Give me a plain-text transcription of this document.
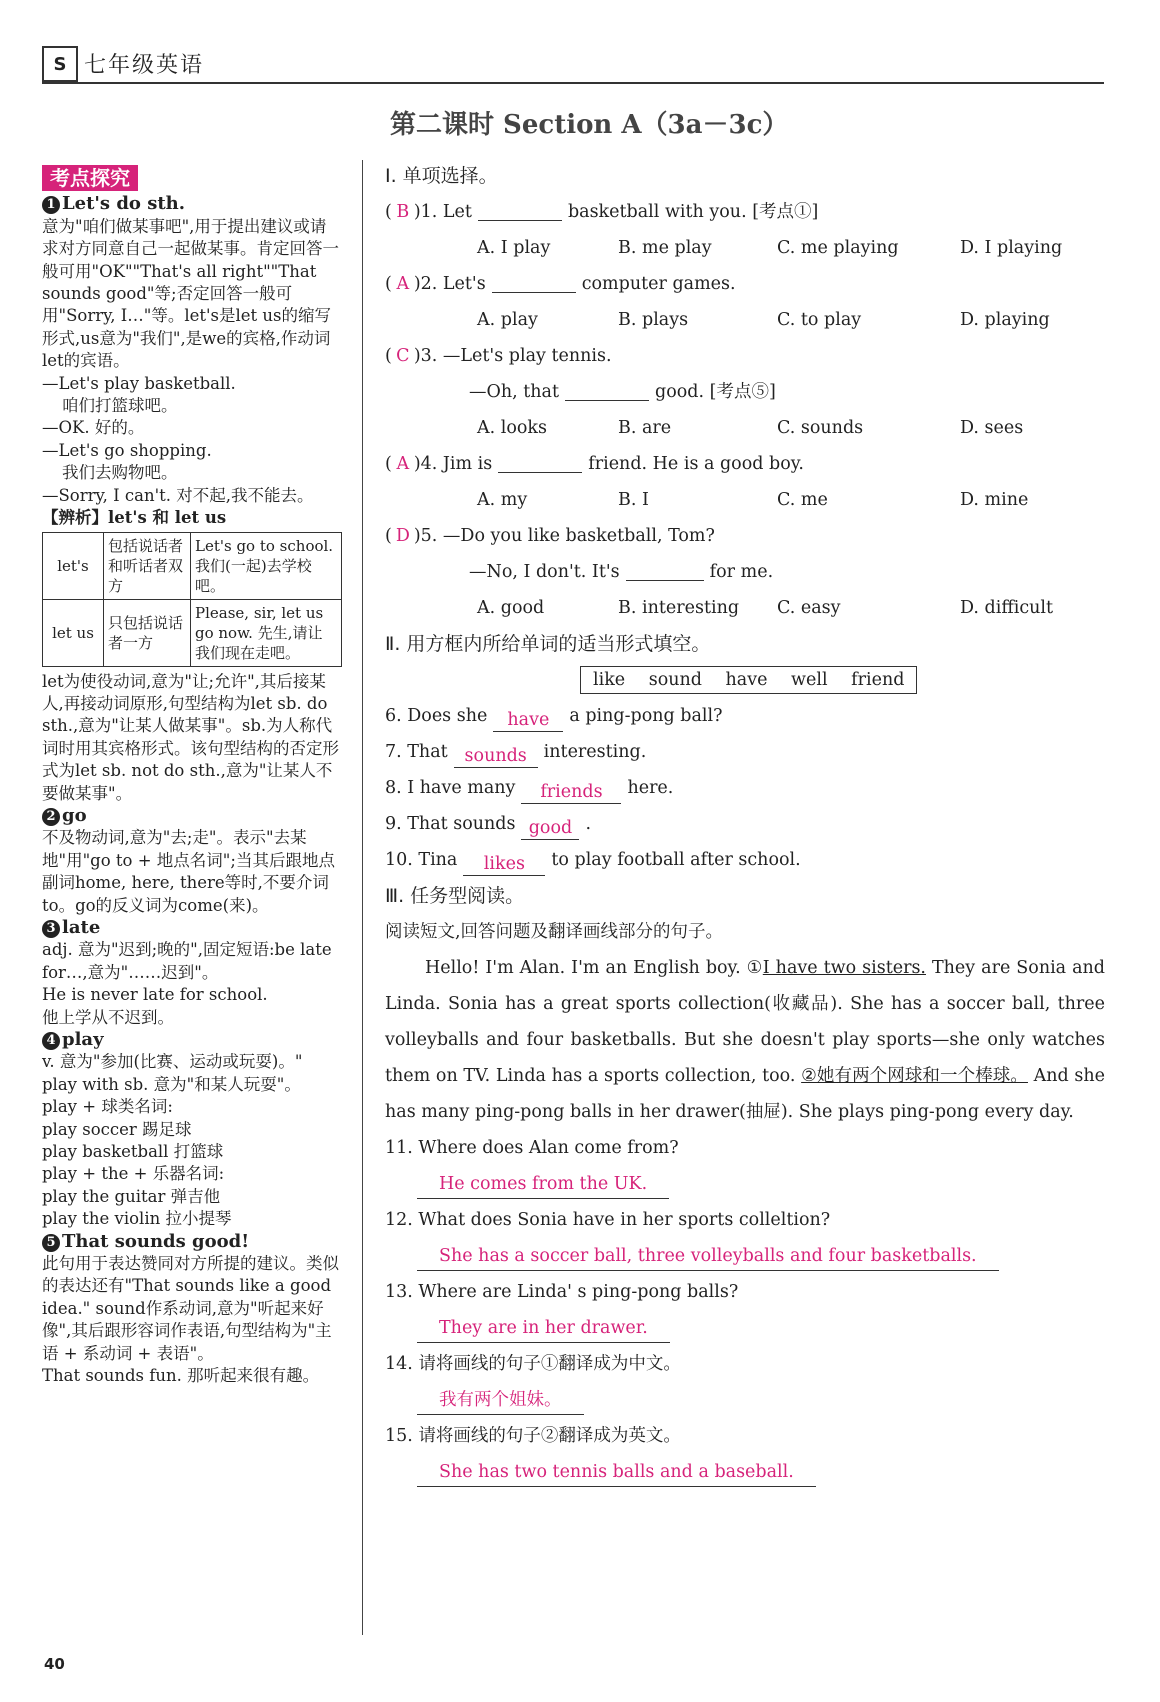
S 七年级英语
第二课时 Section A（3a－3c）
考点探究
1 Let's do sth.

意为"咱们做某事吧",用于提出建议或请求对方同意自己一起做某事。肯定回答一般可用"OK""That's all right""That sounds good"等;否定回答一般可用"Sorry, I…"等。let's是let us的缩写形式,us意为"我们",是we的宾格,作动词let的宾语。

—Let's play basketball.

咱们打篮球吧。

—OK. 好的。

—Let's go shopping.

我们去购物吧。

—Sorry, I can't. 对不起,我不能去。

【辨析】let's 和 let us
let's	包括说话者和听话者双方	Let's go to school. 我们(一起)去学校吧。
let us	只包括说话者一方	Please, sir, let us go now. 先生,请让我们现在走吧。

let为使役动词,意为"让;允许",其后接某人,再接动词原形,句型结构为let sb. do sth.,意为"让某人做某事"。sb.为人称代词时用其宾格形式。该句型结构的否定形式为let sb. not do sth.,意为"让某人不要做某事"。

2 go

不及物动词,意为"去;走"。表示"去某地"用"go to + 地点名词";当其后跟地点副词home, here, there等时,不要介词to。go的反义词为come(来)。

3 late

adj. 意为"迟到;晚的",固定短语:be late for…,意为"……迟到"。

He is never late for school.

他上学从不迟到。

4 play

v. 意为"参加(比赛、运动或玩耍)。"

play with sb. 意为"和某人玩耍"。

play + 球类名词:

play soccer 踢足球

play basketball 打篮球

play + the + 乐器名词:

play the guitar 弹吉他

play the violin 拉小提琴

5 That sounds good!

此句用于表达赞同对方所提的建议。类似的表达还有"That sounds like a good idea." sound作系动词,意为"听起来好像",其后跟形容词作表语,句型结构为"主语 + 系动词 + 表语"。

That sounds fun. 那听起来很有趣。

Ⅰ. 单项选择。

( B )1. Let	basketball with you. [考点①]
A. I play	B. me play	C. me playing	D. I playing
( A )2. Let's	computer games.
A. play	B. plays	C. to play	D. playing
( C )3. —Let's play tennis.
—Oh, that	good. [考点⑤]
A. looks	B. are	C. sounds	D. sees
( A )4. Jim is	friend. He is a good boy.
A. my	B. I	C. me	D. mine
( D )5. —Do you like basketball, Tom?
—No, I don't. It's	for me.
A. good	B. interesting C. easy	D. difficult

Ⅱ. 用方框内所给单词的适当形式填空。

like sound have well friend
6. Does she have a ping-pong ball?
7. That sounds interesting.
8. I have many friends here.
9. That sounds good .
10. Tina likes to play football after school.

Ⅲ. 任务型阅读。

阅读短文,回答问题及翻译画线部分的句子。

Hello! I'm Alan. I'm an English boy. ①I have two sisters. They are Sonia and Linda. Sonia has a great sports collection(收藏品). She has a soccer ball, three volleyballs and four basketballs. But she doesn't play sports—she only watches them on TV. Linda has a sports collection, too. ②她有两个网球和一个棒球。 And she has many ping-pong balls in her drawer(抽屉). She plays ping-pong every day.

11. Where does Alan come from?
He comes from the UK.
12. What does Sonia have in her sports colleltion?
She has a soccer ball, three volleyballs and four basketballs.
13. Where are Linda' s ping-pong balls?
They are in her drawer.
14. 请将画线的句子①翻译成为中文。
我有两个姐妹。
15. 请将画线的句子②翻译成为英文。
She has two tennis balls and a baseball.
40
